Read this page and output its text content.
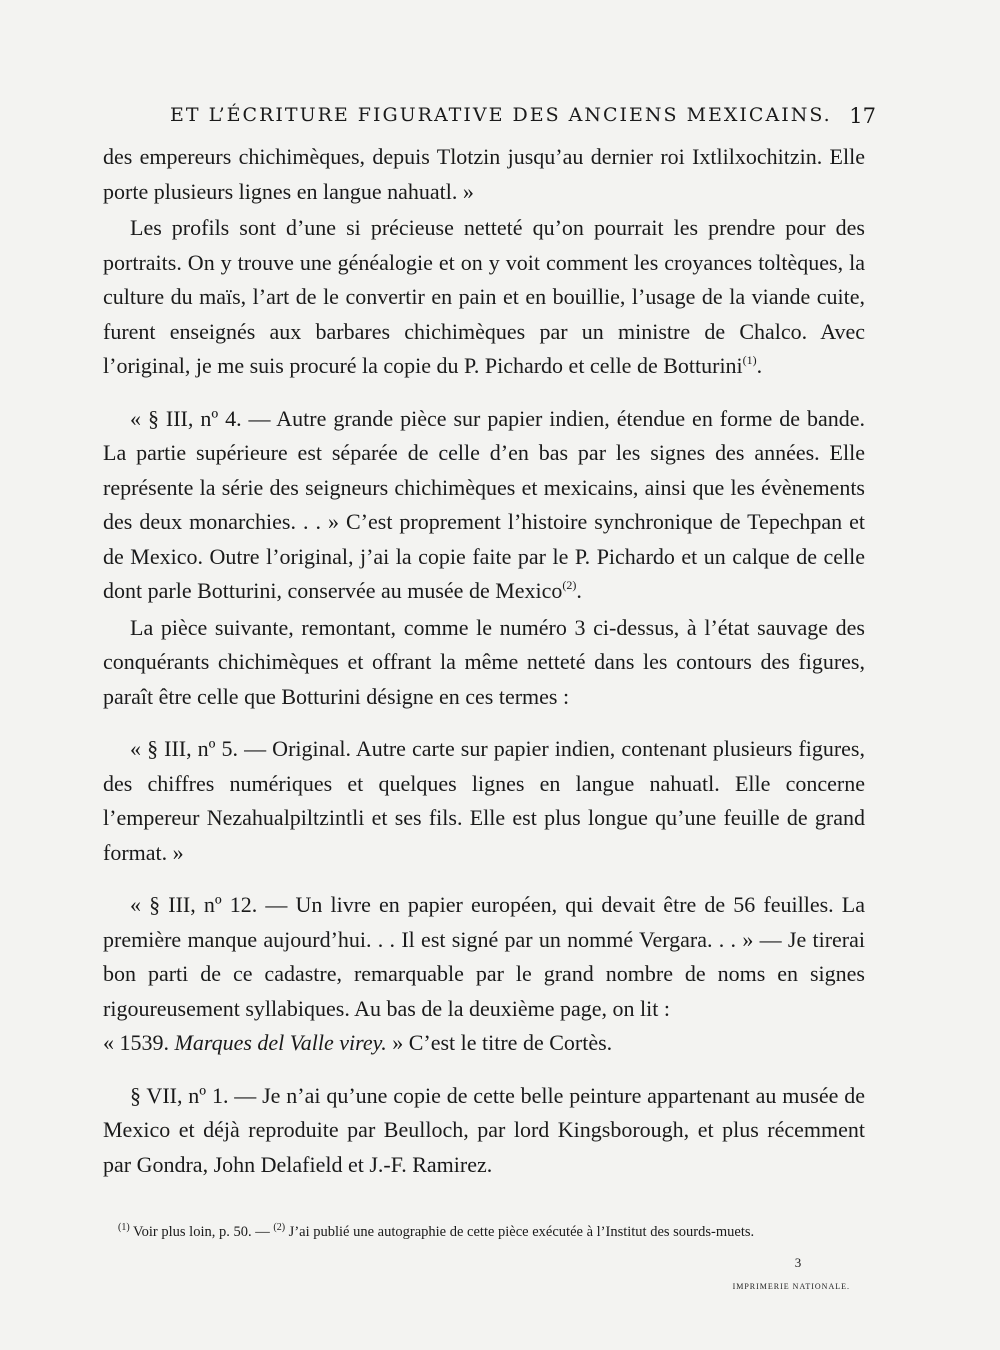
ET L’ÉCRITURE FIGURATIVE DES ANCIENS MEXICAINS. 17

des empereurs chichimèques, depuis Tlotzin jusqu’au dernier roi Ixtlilxochitzin. Elle porte plusieurs lignes en langue nahuatl. »

Les profils sont d’une si précieuse netteté qu’on pourrait les prendre pour des portraits. On y trouve une généalogie et on y voit comment les croyances toltèques, la culture du maïs, l’art de le convertir en pain et en bouillie, l’usage de la viande cuite, furent enseignés aux barbares chichimèques par un ministre de Chalco. Avec l’original, je me suis procuré la copie du P. Pichardo et celle de Botturini$^{(1)}$.

« § III, nº 4. — Autre grande pièce sur papier indien, étendue en forme de bande. La partie supérieure est séparée de celle d’en bas par les signes des années. Elle représente la série des seigneurs chichimèques et mexicains, ainsi que les évènements des deux monarchies. . . » C’est proprement l’histoire synchronique de Tepechpan et de Mexico. Outre l’original, j’ai la copie faite par le P. Pichardo et un calque de celle dont parle Botturini, conservée au musée de Mexico$^{(2)}$.

La pièce suivante, remontant, comme le numéro 3 ci-dessus, à l’état sauvage des conquérants chichimèques et offrant la même netteté dans les contours des figures, paraît être celle que Botturini désigne en ces termes :

« § III, nº 5. — Original. Autre carte sur papier indien, contenant plusieurs figures, des chiffres numériques et quelques lignes en langue nahuatl. Elle concerne l’empereur Nezahualpiltzintli et ses fils. Elle est plus longue qu’une feuille de grand format. »

« § III, nº 12. — Un livre en papier européen, qui devait être de 56 feuilles. La première manque aujourd’hui. . . Il est signé par un nommé Vergara. . . » — Je tirerai bon parti de ce cadastre, remarquable par le grand nombre de noms en signes rigoureusement syllabiques. Au bas de la deuxième page, on lit :

« 1539. Marques del Valle virey. » C’est le titre de Cortès.

§ VII, nº 1. — Je n’ai qu’une copie de cette belle peinture appartenant au musée de Mexico et déjà reproduite par Beulloch, par lord Kingsborough, et plus récemment par Gondra, John Delafield et J.-F. Ramirez.

$^{(1)}$ Voir plus loin, p. 50. — $^{(2)}$ J’ai publié une autographie de cette pièce exécutée à l’Institut des sourds-muets.
3
IMPRIMERIE NATIONALE.
